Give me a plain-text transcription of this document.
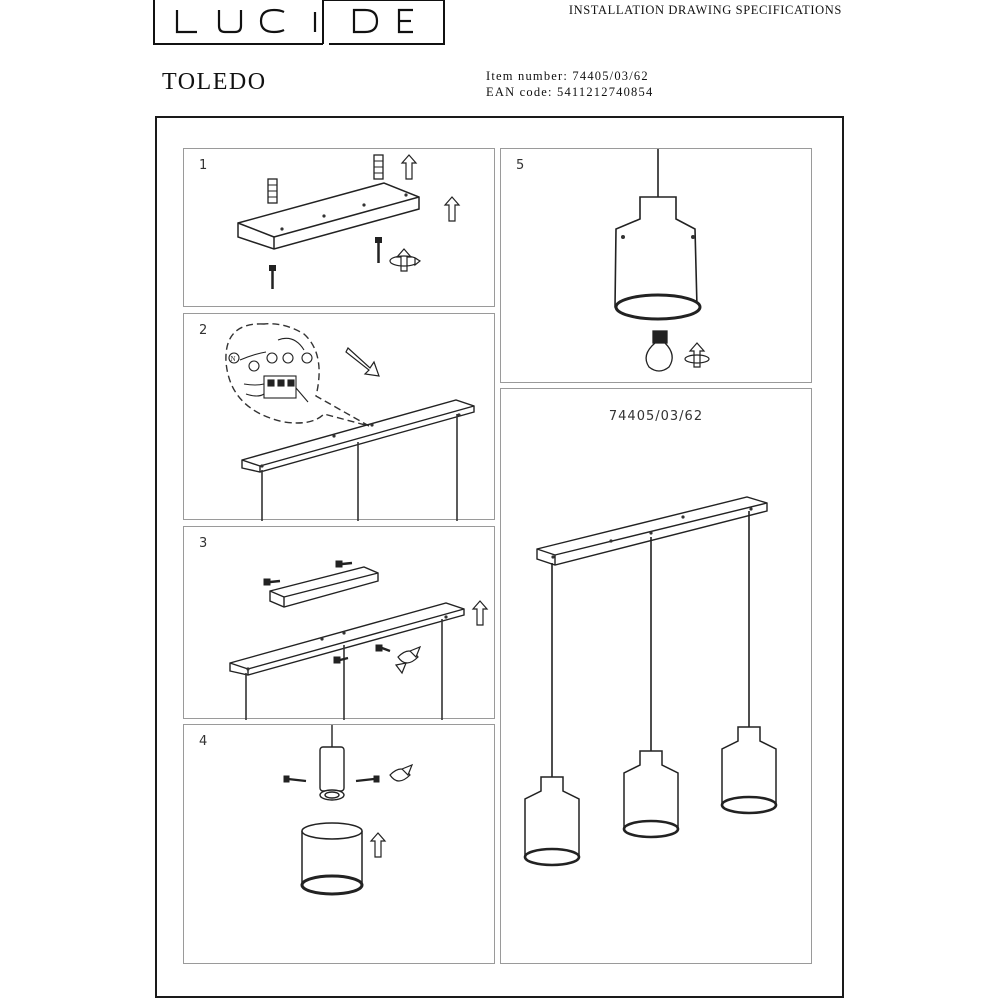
INSTALLATION DRAWING SPECIFICATIONS
TOLEDO	Item number: 74405/03/62
EAN code: 5411212740854
1
N
2
3
4
5
74405/03/62
